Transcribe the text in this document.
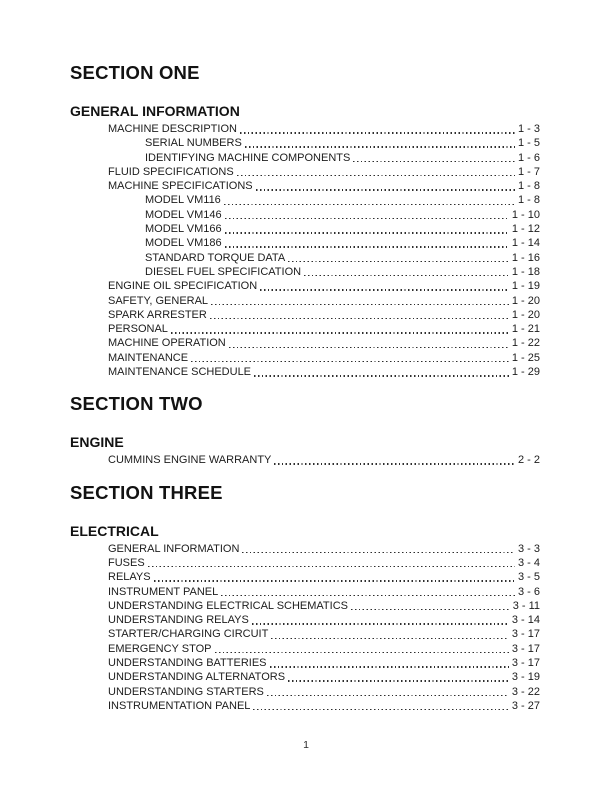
SECTION ONE
GENERAL INFORMATION
MACHINE DESCRIPTION	1 - 3
SERIAL NUMBERS	1 - 5
IDENTIFYING MACHINE COMPONENTS	1 - 6
FLUID SPECIFICATIONS	1 - 7
MACHINE SPECIFICATIONS	1 - 8
MODEL VM116	1 - 8
MODEL VM146	1 - 10
MODEL VM166	1 - 12
MODEL VM186	1 - 14
STANDARD TORQUE DATA	1 - 16
DIESEL FUEL SPECIFICATION	1 - 18
ENGINE OIL SPECIFICATION	1 - 19
SAFETY, GENERAL	1 - 20
SPARK ARRESTER	1 - 20
PERSONAL	1 - 21
MACHINE OPERATION	1 - 22
MAINTENANCE	1 - 25
MAINTENANCE SCHEDULE	1 - 29
SECTION TWO
ENGINE
CUMMINS ENGINE WARRANTY	2 - 2
SECTION THREE
ELECTRICAL
GENERAL INFORMATION	3 - 3
FUSES	3 - 4
RELAYS	3 - 5
INSTRUMENT PANEL	3 - 6
UNDERSTANDING ELECTRICAL SCHEMATICS	3 - 11
UNDERSTANDING RELAYS	3 - 14
STARTER/CHARGING CIRCUIT	3 - 17
EMERGENCY STOP	3 - 17
UNDERSTANDING BATTERIES	3 - 17
UNDERSTANDING ALTERNATORS	3 - 19
UNDERSTANDING STARTERS	3 - 22
INSTRUMENTATION PANEL	3 - 27
1
